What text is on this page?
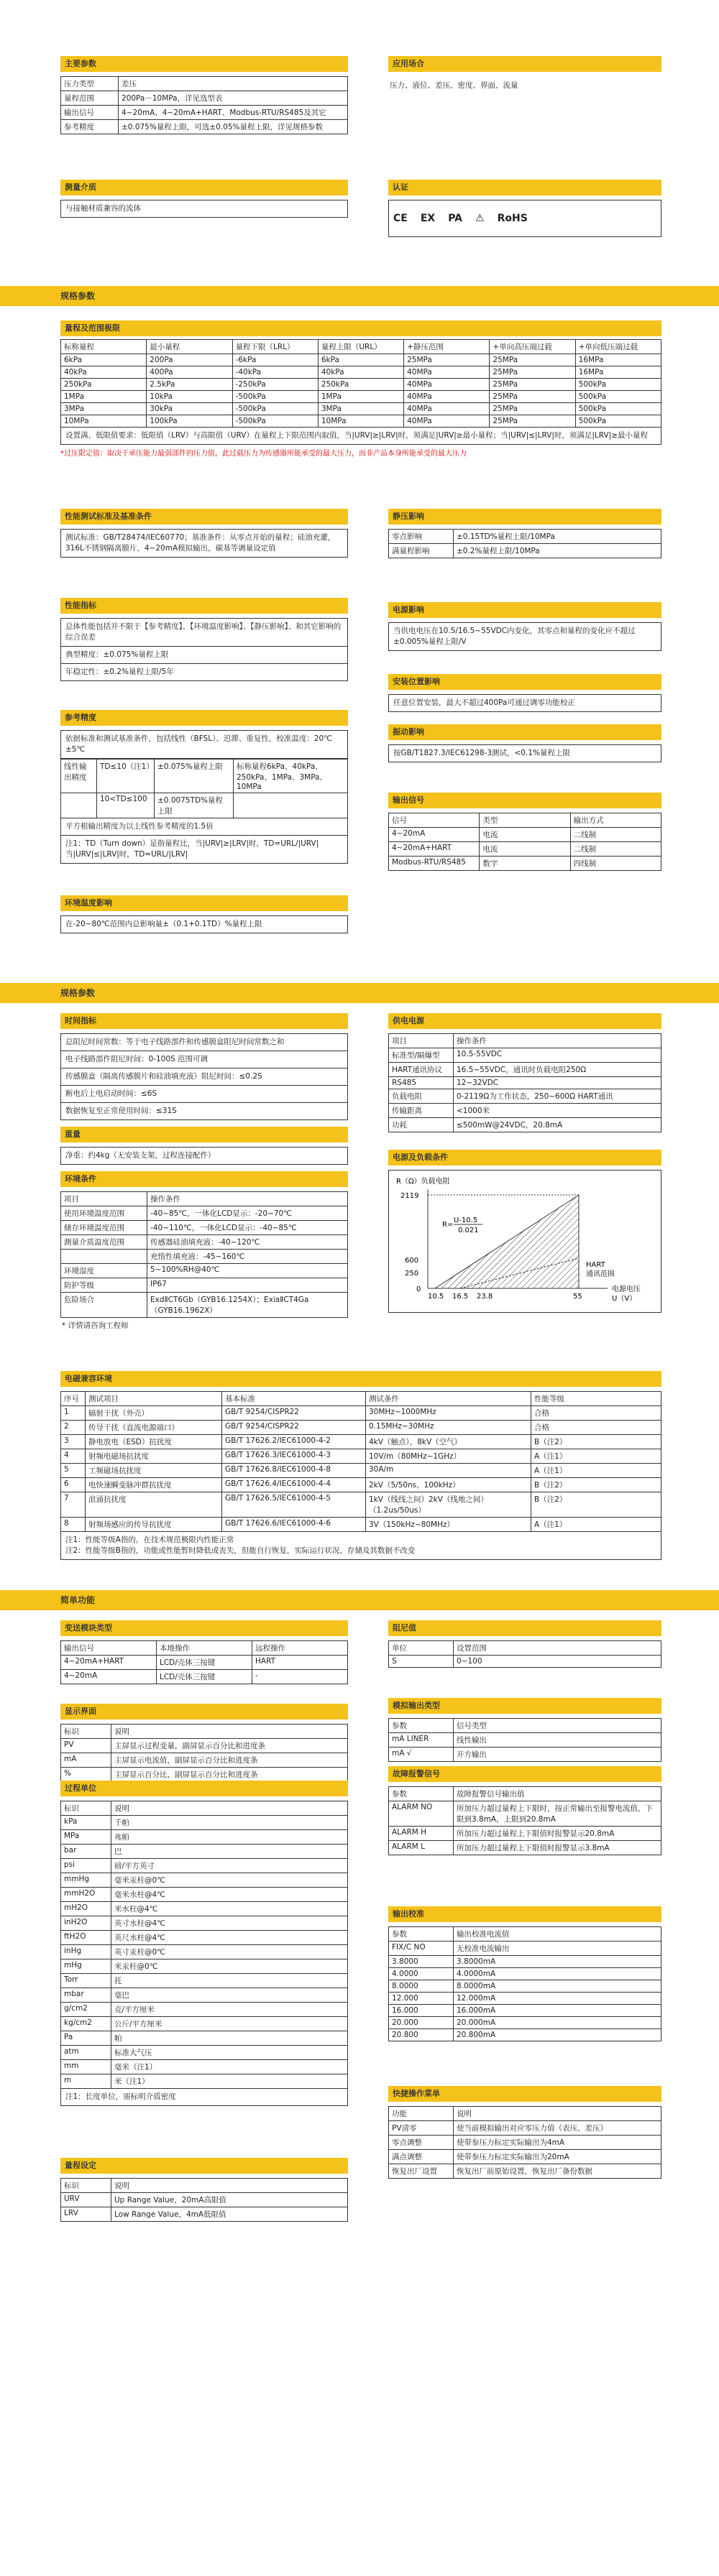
主要参数
压力类型	差压
量程范围	200Pa－10MPa，详见选型表
输出信号	4~20mA、4~20mA+HART、Modbus-RTU/RS485及其它
参考精度	±0.075%量程上限，可选±0.05%量程上限，详见规格参数
应用场合
压力、液位、差压、密度、界面、流量
测量介质
与接触材质兼容的流体
认证
CE EX PA ⚠ RoHS
规格参数
量程及范围极限
标称量程	最小量程	量程下限（LRL）	量程上限（URL）	+静压范围	+单向高压端过载	+单向低压端过载
6kPa	200Pa	-6kPa	6kPa	25MPa	25MPa	16MPa
40kPa	400Pa	-40kPa	40kPa	40MPa	25MPa	16MPa
250kPa	2.5kPa	-250kPa	250kPa	40MPa	25MPa	500kPa
1MPa	10kPa	-500kPa	1MPa	40MPa	25MPa	500kPa
3MPa	30kPa	-500kPa	3MPa	40MPa	25MPa	500kPa
10MPa	100kPa	-500kPa	10MPa	40MPa	25MPa	500kPa
设置满、低限值要求：低限值（LRV）与高限值（URV）在量程上下限范围内取值，当|URV|≥|LRV|时，须满足|URV|≥最小量程；当|URV|≤|LRV|时，须满足|LRV|≥最小量程
*过压限定值：取决于承压能力最弱部件的压力值，此过载压力为传感器所能承受的最大压力，而非产品本身所能承受的最大压力
性能测试标准及基准条件
测试标准：GB/T28474/IEC60770；基准条件：从零点开始的量程；硅油充灌，316L不锈钢隔离膜片，4~20mA模拟输出，碳基等调量设定值
静压影响
零点影响	±0.15TD%量程上限/10MPa
满量程影响	±0.2%量程上限/10MPa
性能指标
总体性能包括并不限于【参考精度】、【环境温度影响】、【静压影响】、和其它影响的综合误差
典型精度：±0.075%量程上限
年稳定性：±0.2%量程上限/5年
电源影响
当供电电压在10.5/16.5~55VDC内变化，其零点和量程的变化应不超过±0.005%量程上限/V
安装位置影响
任意位置安装，最大不超过400Pa可通过调零功能校正
参考精度
依据标准和测试基准条件，包括线性（BFSL）、迟滞、重复性，校准温度：20℃±5℃
线性输出精度	TD≤10（注1）	±0.075%量程上限	标称量程6kPa、40kPa、250kPa、1MPa、3MPa、10MPa
	10<TD≤100	±0.0075TD%量程上限	
平方根输出精度为以上线性参考精度的1.5倍
注1：TD（Turn down）是指量程比，当|URV|≥|LRV|时，TD=URL/|URV|当|URV|≤|LRV|时，TD=URL/|LRV|
振动影响
按GB/T1827.3/IEC61298-3测试，<0.1%量程上限
输出信号
信号	类型	输出方式
4~20mA	电流	二线制
4~20mA+HART	电流	二线制
Modbus-RTU/RS485	数字	四线制
环境温度影响
在-20~80℃范围内总影响量±（0.1+0.1TD）%量程上限
规格参数
时间指标
总阻尼时间常数：等于电子线路部件和传感膜盒阻尼时间常数之和
电子线路部件阻尼时间：0-100S 范围可调
传感膜盒（隔离传感膜片和硅油填充液）阻尼时间：≤0.2S
断电后上电启动时间：≤6S
数据恢复至正常使用时间：≤31S
供电电源
项目	操作条件
标准型/隔爆型	10.5-55VDC
HART通讯协议	16.5~55VDC，通讯时负载电阻250Ω
RS485	12~32VDC
负载电阻	0-2119Ω为工作状态，250~600Ω HART通讯
传输距离	<1000米
功耗	≤500mW@24VDC，20.8mA
重量
净重：约4kg（无安装支架，过程连接配件）	电源及负载条件
R（Ω）负载电阻
2119
600
250
0
10.5 16.5 23.8	55
R=
U-10.5
0.021
HART
通讯范围
电源电压
U（V）
环境条件
项目	操作条件
使用环境温度范围	-40~85℃，一体化LCD显示：-20~70℃
储存环境温度范围	-40~110℃，一体化LCD显示：-40~85℃
测量介质温度范围	传感器硅油填充液：-40~120℃
	充惰性填充液：-45~160℃
环境湿度	5~100%RH@40℃
防护等级	IP67
危险场合	ExdⅡCT6Gb（GYB16.1254X）；ExiaⅡCT4Ga（GYB16.1962X）
* 详情请咨询工程师
电磁兼容环境
序号	测试项目	基本标准	测试条件	性能等级
1	辐射干扰（外壳）	GB/T 9254/CISPR22	30MHz~1000MHz	合格
2	传导干扰（直流电源端口）	GB/T 9254/CISPR22	0.15MHz~30MHz	合格
3	静电放电（ESD）抗扰度	GB/T 17626.2/IEC61000-4-2	4kV（触点），8kV（空气）	B（注2）
4	射频电磁场抗扰度	GB/T 17626.3/IEC61000-4-3	10V/m（80MHz~1GHz）	A（注1）
5	工频磁场抗扰度	GB/T 17626.8/IEC61000-4-8	30A/m	A（注1）
6	电快速瞬变脉冲群抗扰度	GB/T 17626.4/IEC61000-4-4	2kV（5/50ns，100kHz）	B（注2）
7	浪涌抗扰度	GB/T 17626.5/IEC61000-4-5	1kV（线线之间）2kV（线地之间）（1.2us/50us）	B（注2）
8	射频场感应的传导抗扰度	GB/T 17626.6/IEC61000-4-6	3V（150kHz~80MHz）	A（注1）
注1：性能等级A指的，在技术规范极限内性能正常
注2：性能等级B指的，功能或性能暂时降低或丧失，但能自行恢复，实际运行状况、存储及其数据不改变
简单功能
变送模块类型
输出信号	本地操作	远程操作
4~20mA+HART	LCD/壳体三按键	HART
4~20mA	LCD/壳体三按键	-
阻尼值
单位	设置范围
S	0~100
显示界面
标识	说明
PV	主屏显示过程变量，副屏显示百分比和进度条
mA	主屏显示电流值，副屏显示百分比和进度条
%	主屏显示百分比，副屏显示百分比和进度条
模拟输出类型
参数	信号类型
mA LINER	线性输出
mA √	开方输出
故障报警信号
参数	故障报警信号输出值
ALARM NO	所加压力超过量程上下限时，按正常输出至报警电流值，下限到3.8mA，上限到20.8mA
ALARM H	所加压力超过量程上下限值时报警显示20.8mA
ALARM L	所加压力超过量程上下限值时报警显示3.8mA
过程单位
标识	说明
kPa	千帕
MPa	兆帕
bar	巴
psi	磅/平方英寸
mmHg	毫米汞柱@0℃
mmH2O	毫米水柱@4℃
mH2O	米水柱@4℃
inH2O	英寸水柱@4℃
ftH2O	英尺水柱@4℃
inHg	英寸汞柱@0℃
mHg	米汞柱@0℃
Torr	托
mbar	毫巴
g/cm2	克/平方厘米
kg/cm2	公斤/平方厘米
Pa	帕
atm	标准大气压
mm	毫米（注1）
m	米（注1）
注1：长度单位，需标明介质密度
输出校准
参数	输出校准电流值
FIX/C NO	无校准电流输出
3.8000	3.8000mA
4.0000	4.0000mA
8.0000	8.0000mA
12.000	12.000mA
16.000	16.000mA
20.000	20.000mA
20.800	20.800mA
快捷操作菜单
功能	说明
PV清零	使当前模拟输出对应零压力值（表压、差压）
零点调整	使带参压力标定实际输出为4mA
满点调整	使带参压力标定实际输出为20mA
恢复出厂设置	恢复出厂前原始设置，恢复出厂备份数据
量程设定
标识	说明
URV	Up Range Value，20mA高限值
LRV	Low Range Value，4mA低限值
